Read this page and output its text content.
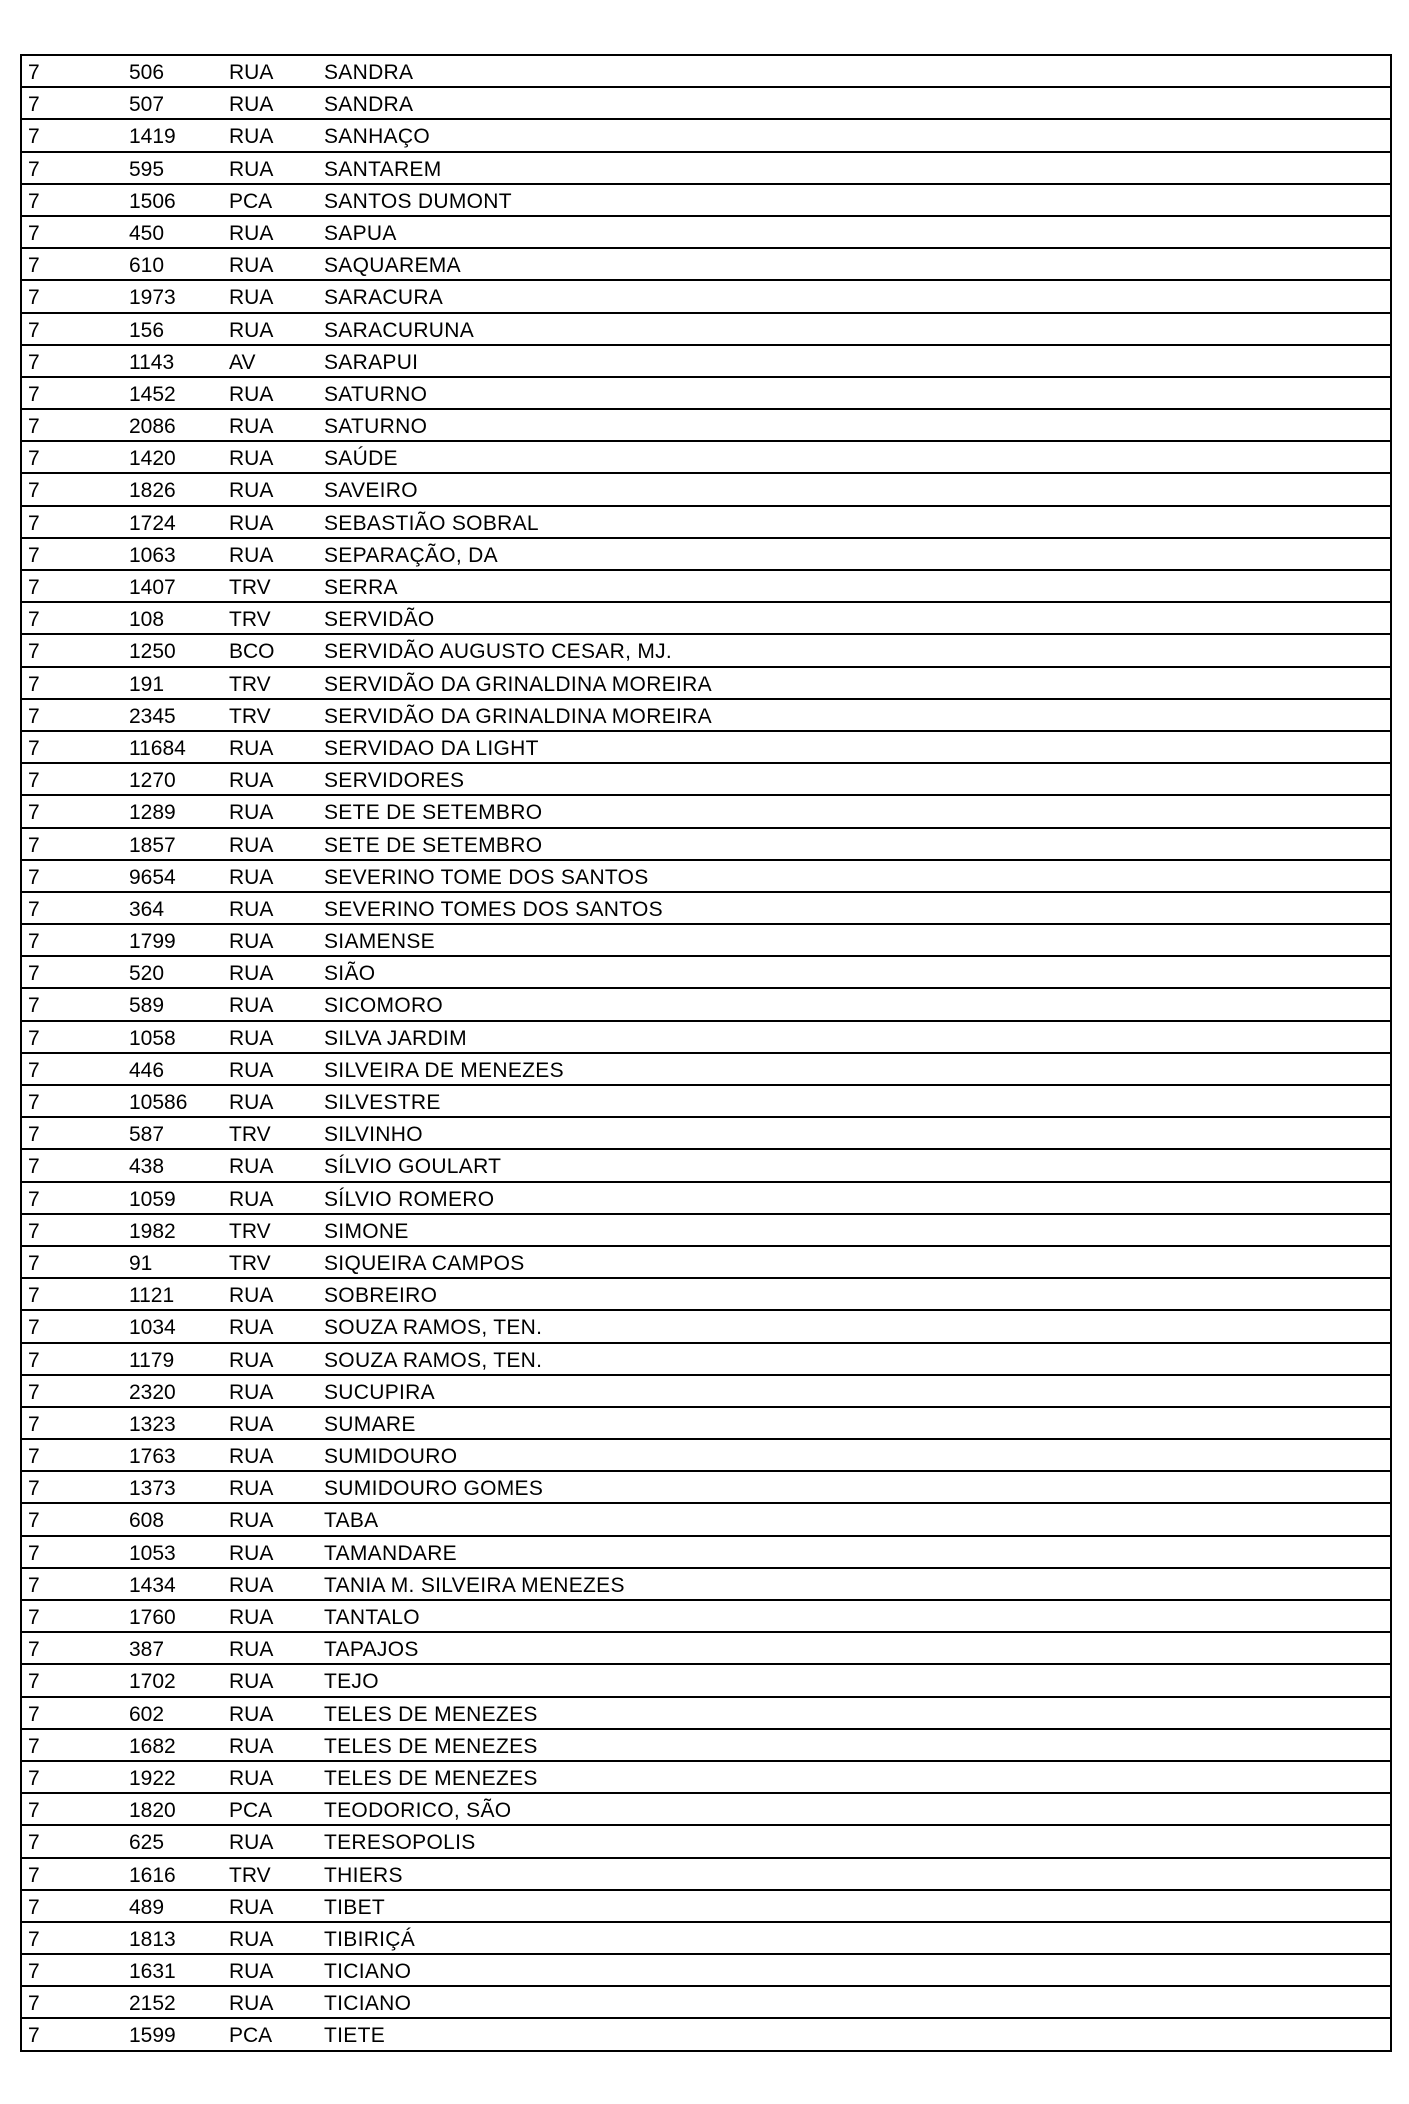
7	506	RUA SANDRA
7	507	RUA SANDRA
7	1419	RUA SANHAÇO
7	595	RUA SANTAREM
7	1506	PCA SANTOS DUMONT
7	450	RUA SAPUA
7	610	RUA SAQUAREMA
7	1973	RUA SARACURA
7	156	RUA SARACURUNA
7	1143	AV	SARAPUI
7	1452	RUA SATURNO
7	2086	RUA SATURNO
7	1420	RUA SAÚDE
7	1826	RUA SAVEIRO
7	1724	RUA SEBASTIÃO SOBRAL
7	1063	RUA SEPARAÇÃO, DA
7	1407	TRV	SERRA
7	108	TRV	SERVIDÃO
7	1250	BCO SERVIDÃO AUGUSTO CESAR, MJ.
7	191	TRV	SERVIDÃO DA GRINALDINA MOREIRA
7	2345	TRV	SERVIDÃO DA GRINALDINA MOREIRA
7	11684 RUA SERVIDAO DA LIGHT
7	1270	RUA SERVIDORES
7	1289	RUA SETE DE SETEMBRO
7	1857	RUA SETE DE SETEMBRO
7	9654	RUA SEVERINO TOME DOS SANTOS
7	364	RUA SEVERINO TOMES DOS SANTOS
7	1799	RUA SIAMENSE
7	520	RUA SIÃO
7	589	RUA SICOMORO
7	1058	RUA SILVA JARDIM
7	446	RUA SILVEIRA DE MENEZES
7	10586 RUA SILVESTRE
7	587	TRV	SILVINHO
7	438	RUA SÍLVIO GOULART
7	1059	RUA SÍLVIO ROMERO
7	1982	TRV	SIMONE
7	91	TRV	SIQUEIRA CAMPOS
7	1121	RUA SOBREIRO
7	1034	RUA SOUZA RAMOS, TEN.
7	1179	RUA SOUZA RAMOS, TEN.
7	2320	RUA SUCUPIRA
7	1323	RUA SUMARE
7	1763	RUA SUMIDOURO
7	1373	RUA SUMIDOURO GOMES
7	608	RUA TABA
7	1053	RUA TAMANDARE
7	1434	RUA TANIA M. SILVEIRA MENEZES
7	1760	RUA TANTALO
7	387	RUA TAPAJOS
7	1702	RUA TEJO
7	602	RUA TELES DE MENEZES
7	1682	RUA TELES DE MENEZES
7	1922	RUA TELES DE MENEZES
7	1820	PCA TEODORICO, SÃO
7	625	RUA TERESOPOLIS
7	1616	TRV	THIERS
7	489	RUA TIBET
7	1813	RUA TIBIRIÇÁ
7	1631	RUA TICIANO
7	2152	RUA TICIANO
7	1599	PCA TIETE
